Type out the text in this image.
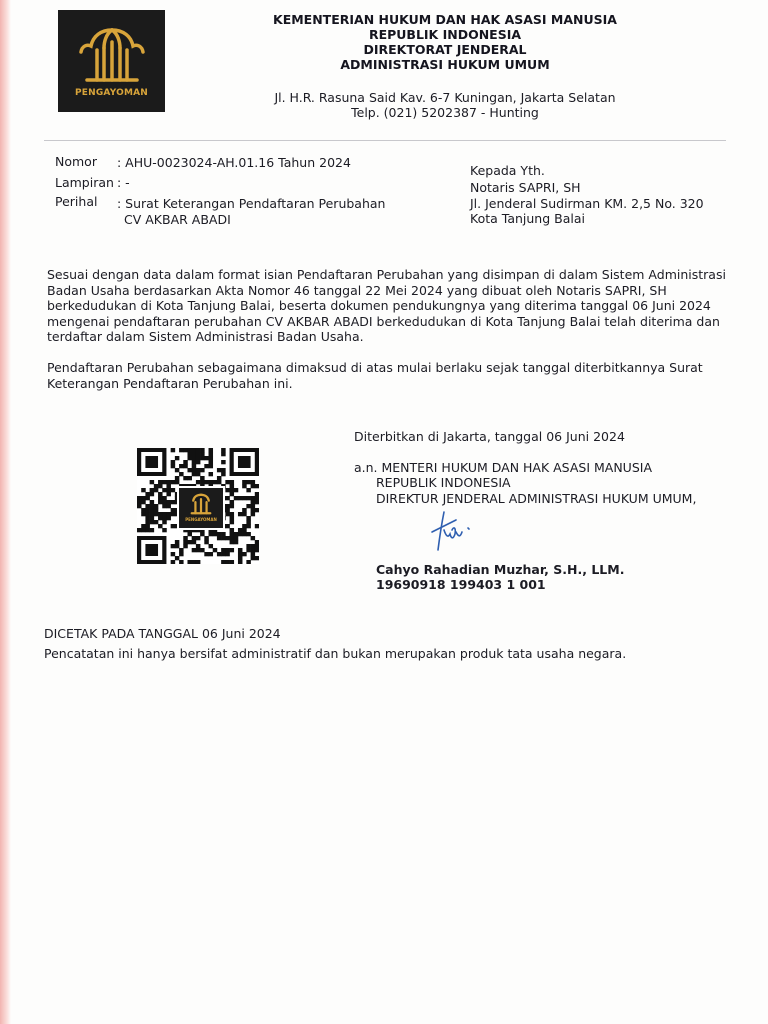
PENGAYOMAN
KEMENTERIAN HUKUM DAN HAK ASASI MANUSIA
REPUBLIK INDONESIA
DIREKTORAT JENDERAL
ADMINISTRASI HUKUM UMUM
Jl. H.R. Rasuna Said Kav. 6-7 Kuningan, Jakarta Selatan
Telp. (021) 5202387 - Hunting
Nomor : AHU-0023024-AH.01.16 Tahun 2024
Lampiran : -
Perihal : Surat Keterangan Pendaftaran Perubahan
CV AKBAR ABADI
Kepada Yth.
Notaris SAPRI, SH
Jl. Jenderal Sudirman KM. 2,5 No. 320
Kota Tanjung Balai
Sesuai dengan data dalam format isian Pendaftaran Perubahan yang disimpan di dalam Sistem Administrasi
Badan Usaha berdasarkan Akta Nomor 46 tanggal 22 Mei 2024 yang dibuat oleh Notaris SAPRI, SH
berkedudukan di Kota Tanjung Balai, beserta dokumen pendukungnya yang diterima tanggal 06 Juni 2024
mengenai pendaftaran perubahan CV AKBAR ABADI berkedudukan di Kota Tanjung Balai telah diterima dan
terdaftar dalam Sistem Administrasi Badan Usaha.
Pendaftaran Perubahan sebagaimana dimaksud di atas mulai berlaku sejak tanggal diterbitkannya Surat
Keterangan Pendaftaran Perubahan ini.
Diterbitkan di Jakarta, tanggal 06 Juni 2024
a.n. MENTERI HUKUM DAN HAK ASASI MANUSIA
REPUBLIK INDONESIA
DIREKTUR JENDERAL ADMINISTRASI HUKUM UMUM,
Cahyo Rahadian Muzhar, S.H., LLM.
19690918 199403 1 001
PENGAYOMAN
DICETAK PADA TANGGAL 06 Juni 2024
Pencatatan ini hanya bersifat administratif dan bukan merupakan produk tata usaha negara.
